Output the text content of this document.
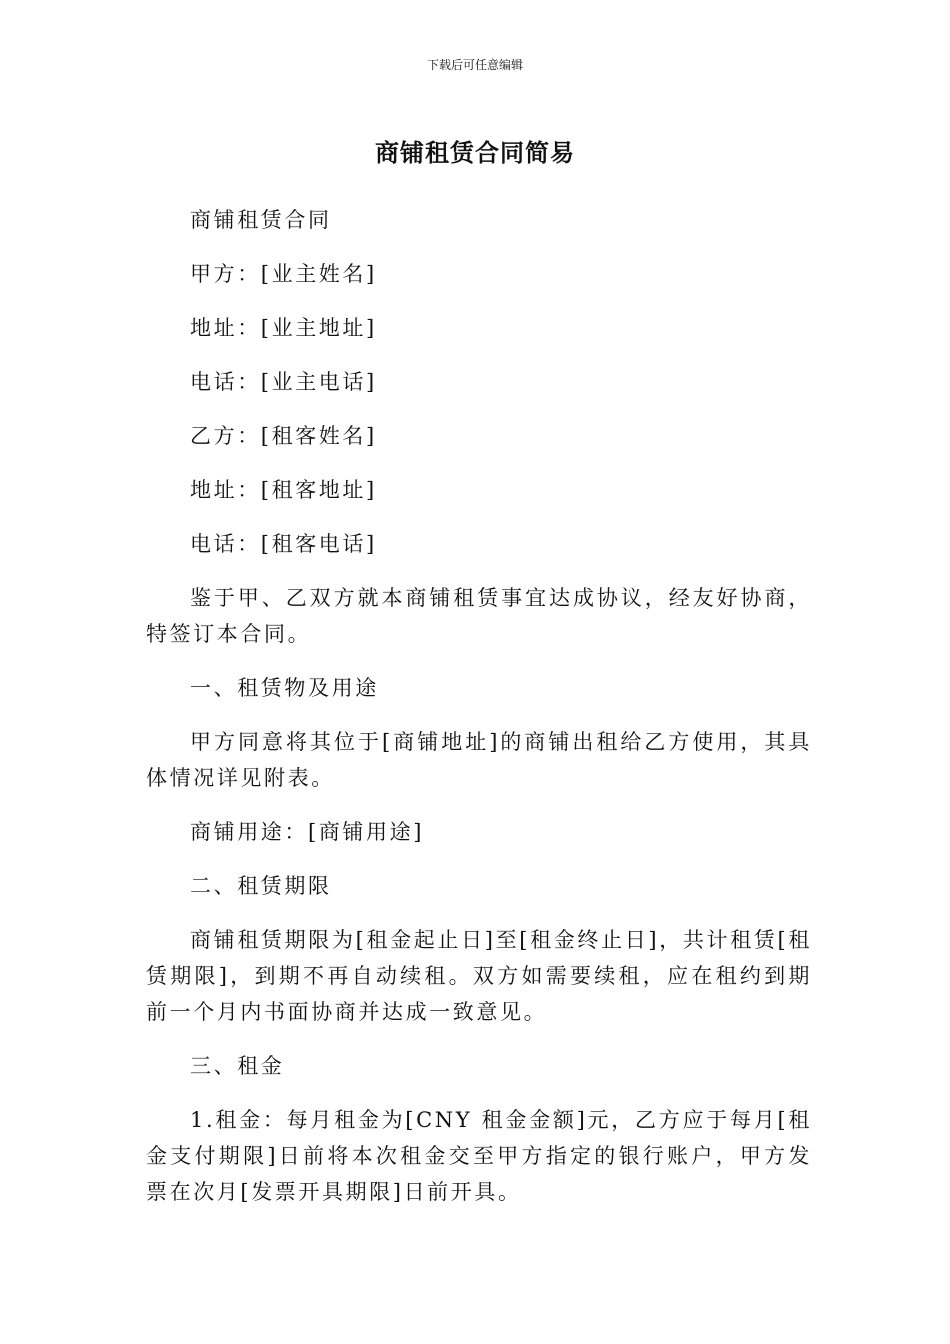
下载后可任意编辑
商铺租赁合同简易

商铺租赁合同

甲方：[业主姓名]

地址：[业主地址]

电话：[业主电话]

乙方：[租客姓名]

地址：[租客地址]

电话：[租客电话]

鉴于甲、乙双方就本商铺租赁事宜达成协议，经友好协商，特签订本合同。

一、租赁物及用途

甲方同意将其位于[商铺地址]的商铺出租给乙方使用，其具体情况详见附表。

商铺用途：[商铺用途]

二、租赁期限

商铺租赁期限为[租金起止日]至[租金终止日]，共计租赁[租赁期限]，到期不再自动续租。双方如需要续租，应在租约到期前一个月内书面协商并达成一致意见。

三、租金

1.租金：每月租金为[CNY 租金金额]元，乙方应于每月[租金支付期限]日前将本次租金交至甲方指定的银行账户，甲方发票在次月[发票开具期限]日前开具。
